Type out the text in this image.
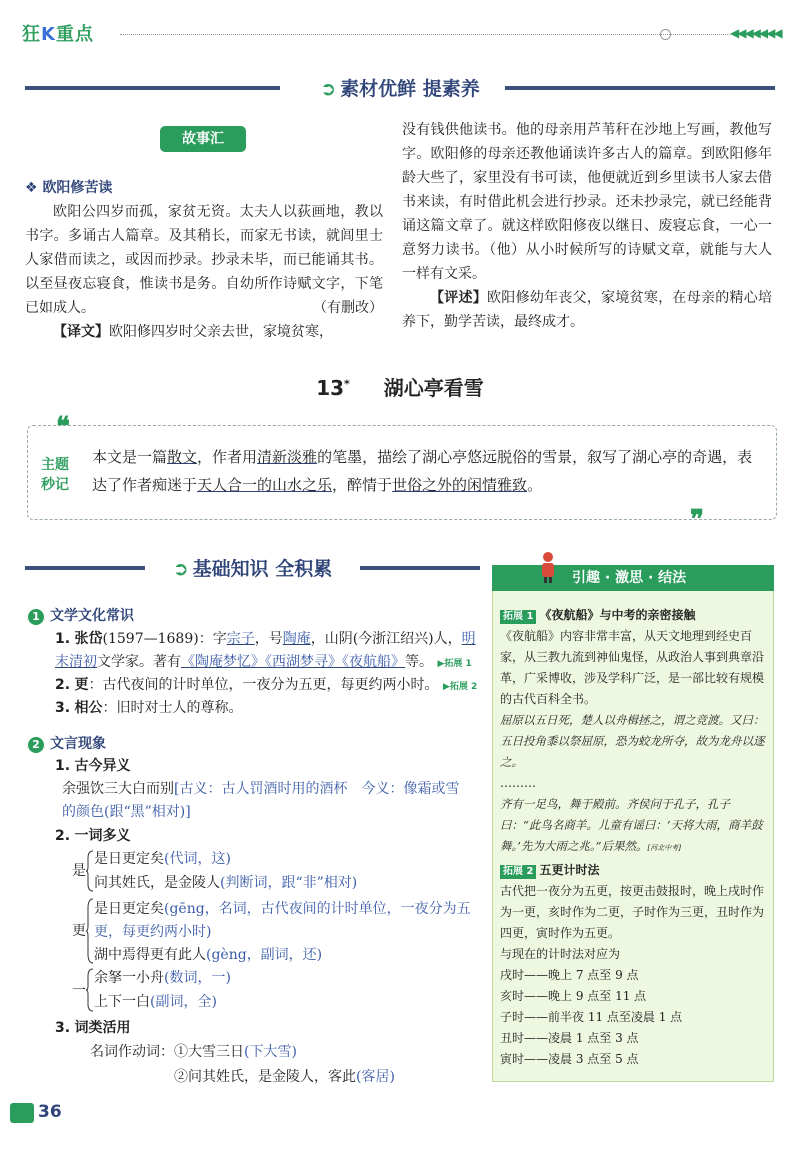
狂K重点	◀◀◀◀◀◀◀
➲ 素材优鲜 提素养
故事汇
❖ 欧阳修苦读
欧阳公四岁而孤，家贫无资。太夫人以荻画地，教以书字。多诵古人篇章。及其稍长，而家无书读，就闾里士人家借而读之，或因而抄录。抄录未毕，而已能诵其书。以至昼夜忘寝食，惟读书是务。自幼所作诗赋文字，下笔已如成人。	（有删改）
【译文】欧阳修四岁时父亲去世，家境贫寒，
没有钱供他读书。他的母亲用芦苇秆在沙地上写画，教他写字。欧阳修的母亲还教他诵读许多古人的篇章。到欧阳修年龄大些了，家里没有书可读，他便就近到乡里读书人家去借书来读，有时借此机会进行抄录。还未抄录完，就已经能背诵这篇文章了。就这样欧阳修夜以继日、废寝忘食，一心一意努力读书。（他）从小时候所写的诗赋文章，就能与大人一样有文采。
【评述】欧阳修幼年丧父，家境贫寒，在母亲的精心培养下，勤学苦读，最终成才。
13* 湖心亭看雪
❝
❞
主题
秒记
本文是一篇散文，作者用清新淡雅的笔墨，描绘了湖心亭悠远脱俗的雪景，叙写了湖心亭的奇遇，表达了作者痴迷于天人合一的山水之乐，醉情于世俗之外的闲情雅致。
➲ 基础知识 全积累
1 文学文化常识
1. 张岱(1597—1689)：字宗子，号陶庵，山阴(今浙江绍兴)人，明末清初文学家。著有《陶庵梦忆》《西湖梦寻》《夜航船》等。 ▶拓展 1
2. 更：古代夜间的计时单位，一夜分为五更，每更约两小时。 ▶拓展 2
3. 相公：旧时对士人的尊称。
2 文言现象
1. 古今异义
余强饮三大白而别[古义：古人罚酒时用的酒杯　今义：像霜或雪的颜色(跟“黑”相对)]
2. 一词多义
是
是日更定矣(代词，这)
问其姓氏，是金陵人(判断词，跟“非”相对)
更
是日更定矣(gēng，名词，古代夜间的计时单位，一夜分为五更，每更约两小时)
湖中焉得更有此人(gèng，副词，还)
一
余拏一小舟(数词，一)
上下一白(副词，全)
3. 词类活用
名词作动词：①大雪三日(下大雪)
②问其姓氏，是金陵人，客此(客居)
引趣 · 激思 · 结法
拓展 1 《夜航船》与中考的亲密接触
《夜航船》内容非常丰富，从天文地理到经史百家，从三教九流到神仙鬼怪，从政治人事到典章沿革，广采博收，涉及学科广泛，是一部比较有规模的古代百科全书。
屈原以五日死，楚人以舟楫拯之，谓之竞渡。又曰：五日投角黍以祭屈原，恐为蛟龙所夺，故为龙舟以逐之。
………
齐有一足鸟，舞于殿前。齐侯问于孔子，孔子曰：“此鸟名商羊。儿童有谣曰：‘天将大雨，商羊鼓舞。’先为大雨之兆。”后果然。[河北中考]
拓展 2 五更计时法
古代把一夜分为五更，按更击鼓报时，晚上戌时作为一更，亥时作为二更，子时作为三更，丑时作为四更，寅时作为五更。
与现在的计时法对应为
戌时——晚上 7 点至 9 点
亥时——晚上 9 点至 11 点
子时——前半夜 11 点至凌晨 1 点
丑时——凌晨 1 点至 3 点
寅时——凌晨 3 点至 5 点
36
